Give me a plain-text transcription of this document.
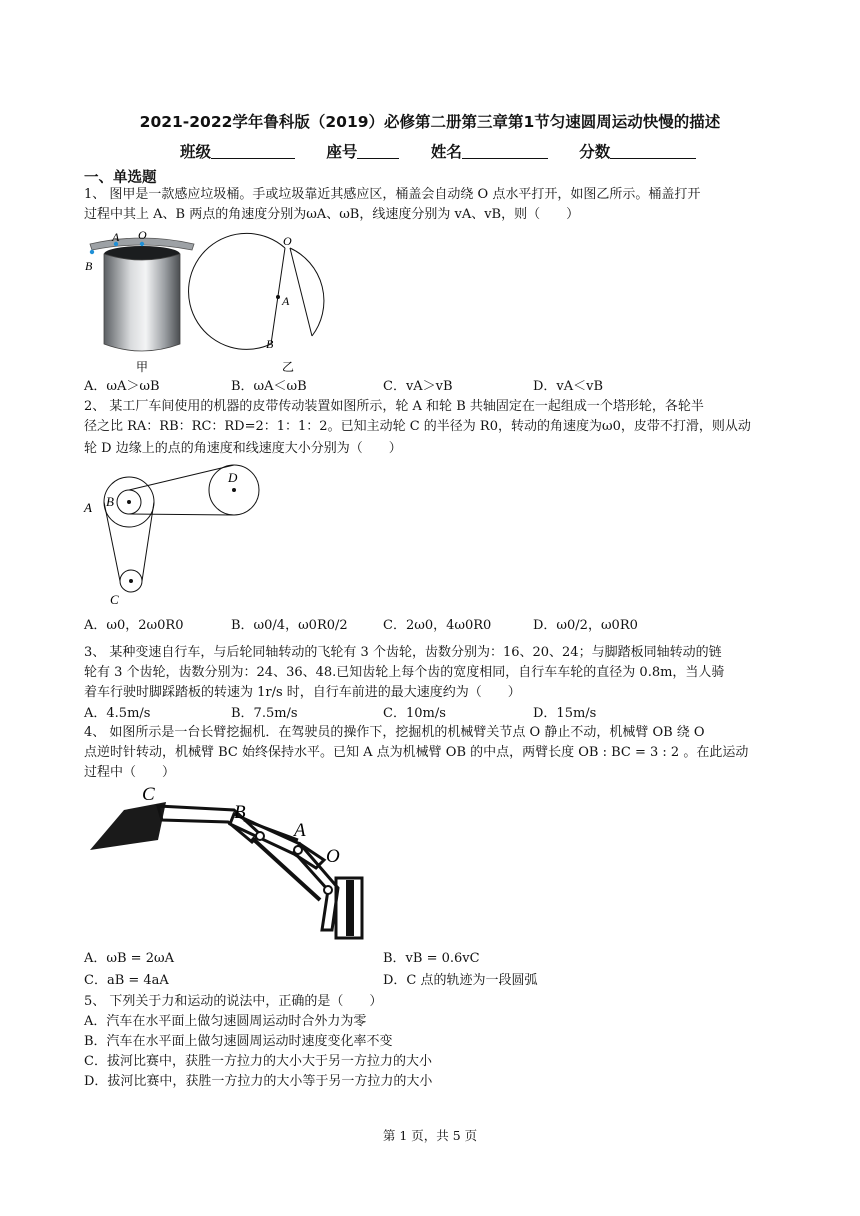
2021-2022学年鲁科版（2019）必修第二册第三章第1节匀速圆周运动快慢的描述
班级	座号	姓名	分数
一、单选题
1、 图甲是一款感应垃圾桶。手或垃圾靠近其感应区，桶盖会自动绕 O 点水平打开，如图乙所示。桶盖打开
过程中其上 A、B 两点的角速度分别为ωA、ωB，线速度分别为 vA、vB，则（　　）
A O
B
甲
O
A
B
乙
A．ωA＞ωB	B．ωA＜ωB	C．vA＞vB	D．vA＜vB
2、 某工厂车间使用的机器的皮带传动装置如图所示，轮 A 和轮 B 共轴固定在一起组成一个塔形轮，各轮半
径之比 RA：RB：RC：RD=2：1：1：2。已知主动轮 C 的半径为 R0，转动的角速度为ω0，皮带不打滑，则从动
轮 D 边缘上的点的角速度和线速度大小分别为（　　）
D
B
A
C
A．ω0，2ω0R0	B．ω0/4，ω0R0/2	C．2ω0，4ω0R0	D．ω0/2，ω0R0
3、 某种变速自行车，与后轮同轴转动的飞轮有 3 个齿轮，齿数分别为：16、20、24；与脚踏板同轴转动的链
轮有 3 个齿轮，齿数分别为：24、36、48.已知齿轮上每个齿的宽度相同，自行车车轮的直径为 0.8m，当人骑
着车行驶时脚踩踏板的转速为 1r/s 时，自行车前进的最大速度约为（　　）
A．4.5m/s	B．7.5m/s	C．10m/s	D．15m/s
4、 如图所示是一台长臂挖掘机．在驾驶员的操作下，挖掘机的机械臂关节点 O 静止不动，机械臂 OB 绕 O
点逆时针转动，机械臂 BC 始终保持水平。已知 A 点为机械臂 OB 的中点，两臂长度 OB : BC = 3 : 2 。在此运动
过程中（　　）
C
B
A
O
A．ωB = 2ωA	B．vB = 0.6vC
C．aB = 4aA	D．C 点的轨迹为一段圆弧
5、 下列关于力和运动的说法中，正确的是（　　）
A．汽车在水平面上做匀速圆周运动时合外力为零
B．汽车在水平面上做匀速圆周运动时速度变化率不变
C．拔河比赛中，获胜一方拉力的大小大于另一方拉力的大小
D．拔河比赛中，获胜一方拉力的大小等于另一方拉力的大小
第 1 页，共 5 页
